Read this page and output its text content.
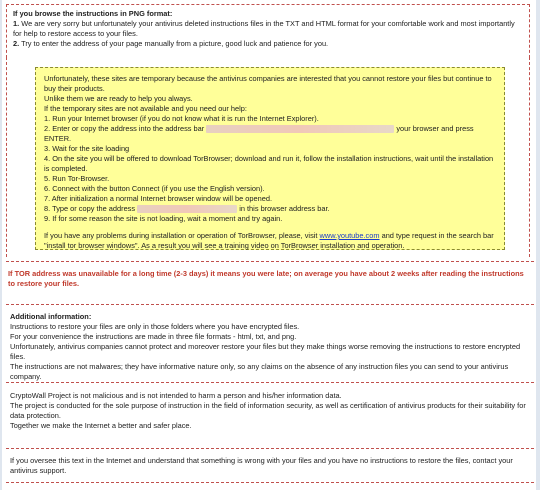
If you browse the instructions in PNG format:
1. We are very sorry but unfortunately your antivirus deleted instructions files in the TXT and HTML format for your comfortable work and most importantly for help to restore access to your files.
2. Try to enter the address of your page manually from a picture, good luck and patience for you.

Unfortunately, these sites are temporary because the antivirus companies are interested that you cannot restore your files but continue to buy their products.

Unlike them we are ready to help you always.

If the temporary sites are not available and you need our help:

1. Run your Internet browser (if you do not know what it is run the Internet Explorer).

2. Enter or copy the address into the address bar	your browser and press ENTER.

3. Wait for the site loading

4. On the site you will be offered to download TorBrowser; download and run it, follow the installation instructions, wait until the installation is completed.

5. Run Tor-Browser.

6. Connect with the button Connect (if you use the English version).

7. After initialization a normal Internet browser window will be opened.

8. Type or copy the address	in this browser address bar.

9. If for some reason the site is not loading, wait a moment and try again.

If you have any problems during installation or operation of TorBrowser, please, visit www.youtube.com and type request in the search bar "install tor browser windows". As a result you will see a training video on TorBrowser installation and operation.

If TOR address was unavailable for a long time (2-3 days) it means you were late; on average you have about 2 weeks after reading the instructions to restore your files.
Additional information:

Instructions to restore your files are only in those folders where you have encrypted files.

For your convenience the instructions are made in three file formats - html, txt, and png.

Unfortunately, antivirus companies cannot protect and moreover restore your files but they make things worse removing the instructions to restore encrypted files.

The instructions are not malwares; they have informative nature only, so any claims on the absence of any instruction files you can send to your antivirus company.

CryptoWall Project is not malicious and is not intended to harm a person and his/her information data.

The project is conducted for the sole purpose of instruction in the field of information security, as well as certification of antivirus products for their suitability for data protection.

Together we make the Internet a better and safer place.

If you oversee this text in the Internet and understand that something is wrong with your files and you have no instructions to restore the files, contact your antivirus support.
